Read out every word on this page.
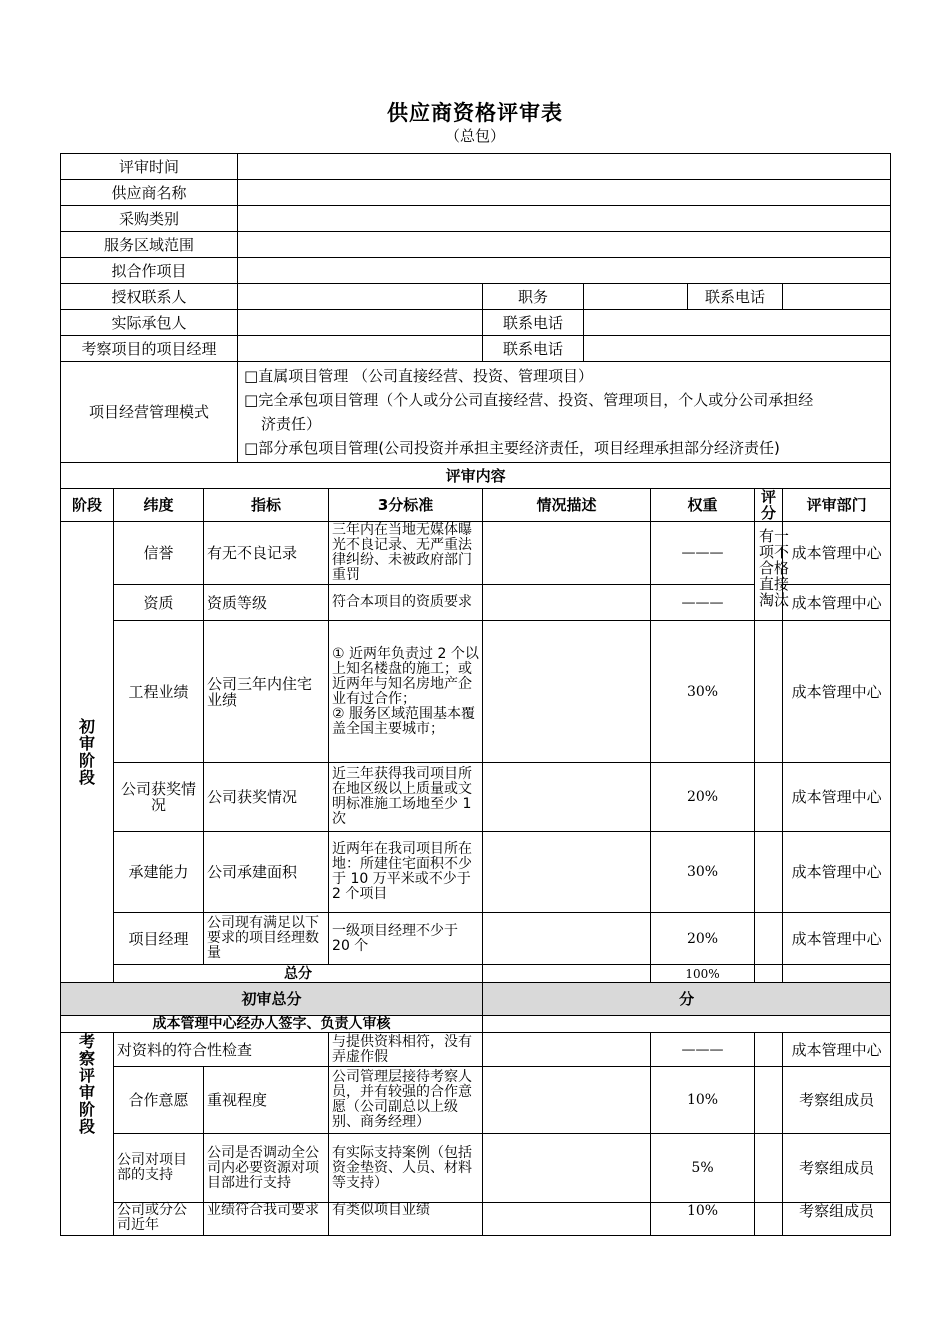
供应商资格评审表
（总包）
评审时间										
供应商名称										
采购类别										
服务区域范围										
拟合作项目										
授权联系人					职务			联系电话		
实际承包人					联系电话					
考察项目的项目经理					联系电话					
项目经营管理模式			□直属项目管理 （公司直接经营、投资、管理项目）
□完全承包项目管理（个人或分公司直接经营、投资、管理项目，个人或分公司承担经
济责任）
□部分承包项目管理(公司投资并承担主要经济责任，项目经理承担部分经济责任)							

评审内容										
阶段	纬度	指标		3分标准	情况描述		权重		评分	评审部门
初审阶段	信誉	有无不良记录		三年内在当地无媒体曝光不良记录、无严重法律纠纷、未被政府部门重罚			———		有一项不合格直接淘汰	成本管理中心
	资质	资质等级		符合本项目的资质要求			———			成本管理中心
	工程业绩	公司三年内住宅业绩		① 近两年负责过 2 个以上知名楼盘的施工；或近两年与知名房地产企业有过合作；
② 服务区域范围基本覆盖全国主要城市；			30%			成本管理中心
	公司获奖情况	公司获奖情况		近三年获得我司项目所在地区级以上质量或文明标准施工场地至少 1 次			20%			成本管理中心
	承建能力	公司承建面积		近两年在我司项目所在地：所建住宅面积不少于 10 万平米或不少于 2 个项目			30%			成本管理中心
	项目经理	公司现有满足以下要求的项目经理数量		一级项目经理不少于 20 个			20%			成本管理中心
	总分						100%			
初审总分					分					
成本管理中心经办人签字、负责人审核										
考察评审阶段	对资料的符合性检查			与提供资料相符，没有弄虚作假			———			成本管理中心
	合作意愿	重视程度		公司管理层接待考察人员，并有较强的合作意愿（公司副总以上级别、商务经理）			10%			考察组成员
	公司对项目部的支持	公司是否调动全公司内必要资源对项目部进行支持		有实际支持案例（包括资金垫资、人员、材料等支持）			5%			考察组成员
	公司或分公司近年	业绩符合我司要求		有类似项目业绩			10%			考察组成员
